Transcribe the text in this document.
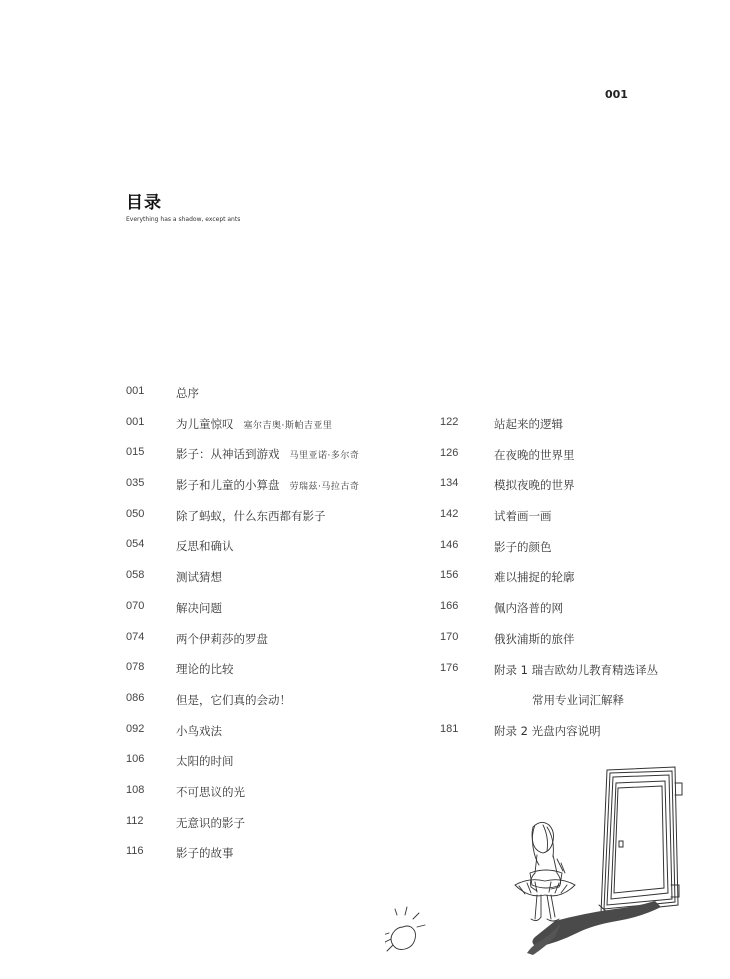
001
目录
Everything has a shadow, except ants
001	总序
001	为儿童惊叹 塞尔吉奥·斯帕吉亚里
015	影子：从神话到游戏 马里亚诺·多尔奇
035	影子和儿童的小算盘 劳瑞兹·马拉古奇
050	除了蚂蚁，什么东西都有影子
054	反思和确认
058	测试猜想
070	解决问题
074	两个伊莉莎的罗盘
078	理论的比较
086	但是，它们真的会动！
092	小鸟戏法
106	太阳的时间
108	不可思议的光
112	无意识的影子
116	影子的故事
122	站起来的逻辑
126	在夜晚的世界里
134	模拟夜晚的世界
142	试着画一画
146	影子的颜色
156	难以捕捉的轮廓
166	佩内洛普的网
170	俄狄浦斯的旅伴
176	附录 1 瑞吉欧幼儿教育精选译丛
常用专业词汇解释
181	附录 2 光盘内容说明
